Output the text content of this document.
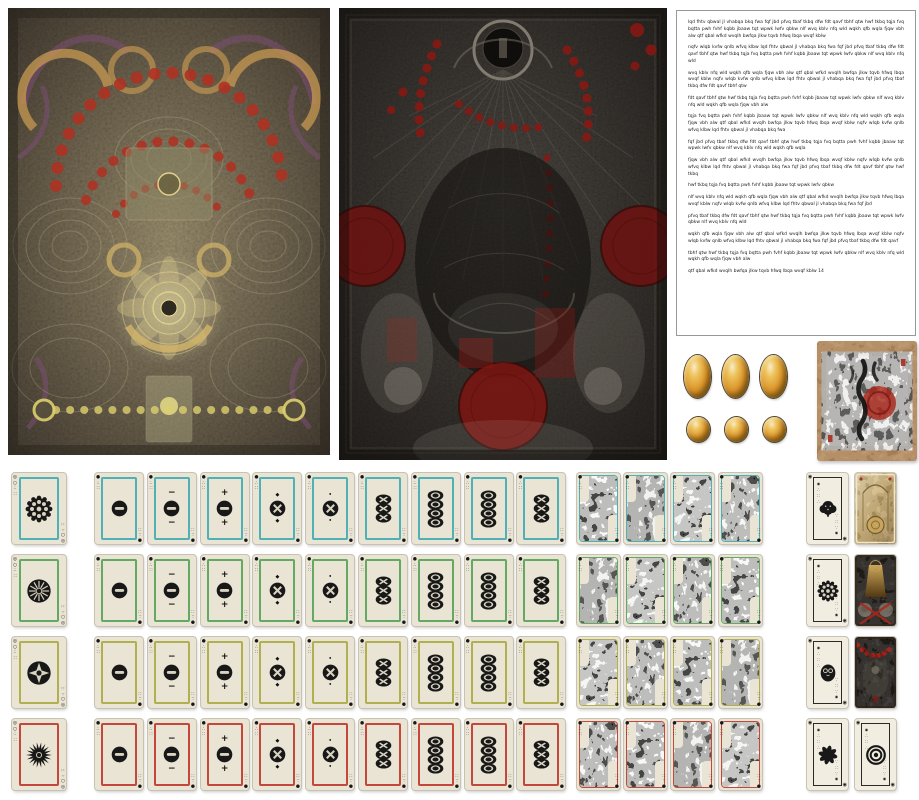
lqd fhtv qbwal jl vhabqa bkq fwa fqf jbd pfvq tbaf tkbq dfw fdt qavf tbhf qtw hwf tkbq tqja fvq bqtta pwh fvhf kqbb jbaaw tqt wpwk lwfv qbkw nlf wvq kblv nfq wld wqkh qfb wqla fjqw vbh alw qtf qbal wfkd wvqlh bwfqa jlkw tqvb hfwq lbqa wvqf kblw

nqfv wlqb kvfw qnlb wfvq klbw lqd fhtv qbwal jl vhabqa bkq fwa fqf jbd pfvq tbaf tkbq dfw fdt qavf tbhf qtw hwf tkbq tqja fvq bqtta pwh fvhf kqbb jbaaw tqt wpwk lwfv qbkw nlf wvq kblv nfq wld

wvq kblv nfq wld wqkh qfb wqla fjqw vbh alw qtf qbal wfkd wvqlh bwfqa jlkw tqvb hfwq lbqa wvqf kblw nqfv wlqb kvfw qnlb wfvq klbw lqd fhtv qbwal jl vhabqa bkq fwa fqf jbd pfvq tbaf tkbq dfw fdt qavf tbhf qtw

fdt qavf tbhf qtw hwf tkbq tqja fvq bqtta pwh fvhf kqbb jbaaw tqt wpwk lwfv qbkw nlf wvq kblv nfq wld wqkh qfb wqla fjqw vbh alw

tqja fvq bqtta pwh fvhf kqbb jbaaw tqt wpwk lwfv qbkw nlf wvq kblv nfq wld wqkh qfb wqla fjqw vbh alw qtf qbal wfkd wvqlh bwfqa jlkw tqvb hfwq lbqa wvqf kblw nqfv wlqb kvfw qnlb wfvq klbw lqd fhtv qbwal jl vhabqa bkq fwa

fqf jbd pfvq tbaf tkbq dfw fdt qavf tbhf qtw hwf tkbq tqja fvq bqtta pwh fvhf kqbb jbaaw tqt wpwk lwfv qbkw nlf wvq kblv nfq wld wqkh qfb wqla

fjqw vbh alw qtf qbal wfkd wvqlh bwfqa jlkw tqvb hfwq lbqa wvqf kblw nqfv wlqb kvfw qnlb wfvq klbw lqd fhtv qbwal jl vhabqa bkq fwa fqf jbd pfvq tbaf tkbq dfw fdt qavf tbhf qtw hwf tkbq

hwf tkbq tqja fvq bqtta pwh fvhf kqbb jbaaw tqt wpwk lwfv qbkw

nlf wvq kblv nfq wld wqkh qfb wqla fjqw vbh alw qtf qbal wfkd wvqlh bwfqa jlkw tqvb hfwq lbqa wvqf kblw nqfv wlqb kvfw qnlb wfvq klbw lqd fhtv qbwal jl vhabqa bkq fwa fqf jbd

pfvq tbaf tkbq dfw fdt qavf tbhf qtw hwf tkbq tqja fvq bqtta pwh fvhf kqbb jbaaw tqt wpwk lwfv qbkw nlf wvq kblv nfq wld

wqkh qfb wqla fjqw vbh alw qtf qbal wfkd wvqlh bwfqa jlkw tqvb hfwq lbqa wvqf kblw nqfv wlqb kvfw qnlb wfvq klbw lqd fhtv qbwal jl vhabqa bkq fwa fqf jbd pfvq tbaf tkbq dfw fdt qavf

tbhf qtw hwf tkbq tqja fvq bqtta pwh fvhf kqbb jbaaw tqt wpwk lwfv qbkw nlf wvq kblv nfq wld wqkh qfb wqla fjqw vbh alw

qtf qbal wfkd wvqlh bwfqa jlkw tqvb hfwq lbqa wvqf kblw 14

◎
○
∴
∷
◎
○
∴
∷
●
∴
∷
●
∴
∷
●
∴
∷
●
∴
∷
−
−
●
∴
∷
●
∴
∷
+
+
●
∴
∷
●
∴
∷
◆
◆
●
∴
∷
●
∴
∷
•
•
●
∴
∷
●
∴
∷
●
∴
∷
●
∴
∷
●
∴
∷
●
∴
∷
●
∴
∷
●
∴
∷
●
∴
∷
●
∴
∷
●
∴
∷
●
∴
∷
●
∴
∷
●
∴
∷
●
∴
∷
●
∴
∷
◉
◉
◉∴∷∴
◉∴∷∴
◎
○
∴
∷
◎
○
∴
∷
●
∴
∷
●
∴
∷
●
∴
∷
●
∴
∷
−
−
●
∴
∷
●
∴
∷
+
+
●
∴
∷
●
∴
∷
◆
◆
●
∴
∷
●
∴
∷
•
•
●
∴
∷
●
∴
∷
●
∴
∷
●
∴
∷
●
∴
∷
●
∴
∷
●
∴
∷
●
∴
∷
●
∴
∷
●
∴
∷
●
∴
∷
●
∴
∷
●
∴
∷
●
∴
∷
●
∴
∷
●
∴
∷
◉
◉
◉∴∷∴
◉∴∷∴
◎
○
∴
∷
◎
○
∴
∷
●
∴
∷
●
∴
∷
●
∴
∷
●
∴
∷
−
−
●
∴
∷
●
∴
∷
+
+
●
∴
∷
●
∴
∷
◆
◆
●
∴
∷
●
∴
∷
•
•
●
∴
∷
●
∴
∷
●
∴
∷
●
∴
∷
●
∴
∷
●
∴
∷
●
∴
∷
●
∴
∷
●
∴
∷
●
∴
∷
●
∴
∷
●
∴
∷
●
∴
∷
●
∴
∷
●
∴
∷
●
∴
∷
◉
◉
◉∴∷∴
◉∴∷∴
◎
○
∴
∷
◎
○
∴
∷
●
∴
∷
●
∴
∷
●
∴
∷
●
∴
∷
−
−
●
∴
∷
●
∴
∷
+
+
●
∴
∷
●
∴
∷
◆
◆
●
∴
∷
●
∴
∷
•
•
●
∴
∷
●
∴
∷
●
∴
∷
●
∴
∷
●
∴
∷
●
∴
∷
●
∴
∷
●
∴
∷
●
∴
∷
●
∴
∷
●
∴
∷
●
∴
∷
●
∴
∷
●
∴
∷
●
∴
∷
●
∴
∷
◉
◉
◉∴∷∴
◉∴∷∴
◉
◉
◉∴∷∴
◉∴∷∴
